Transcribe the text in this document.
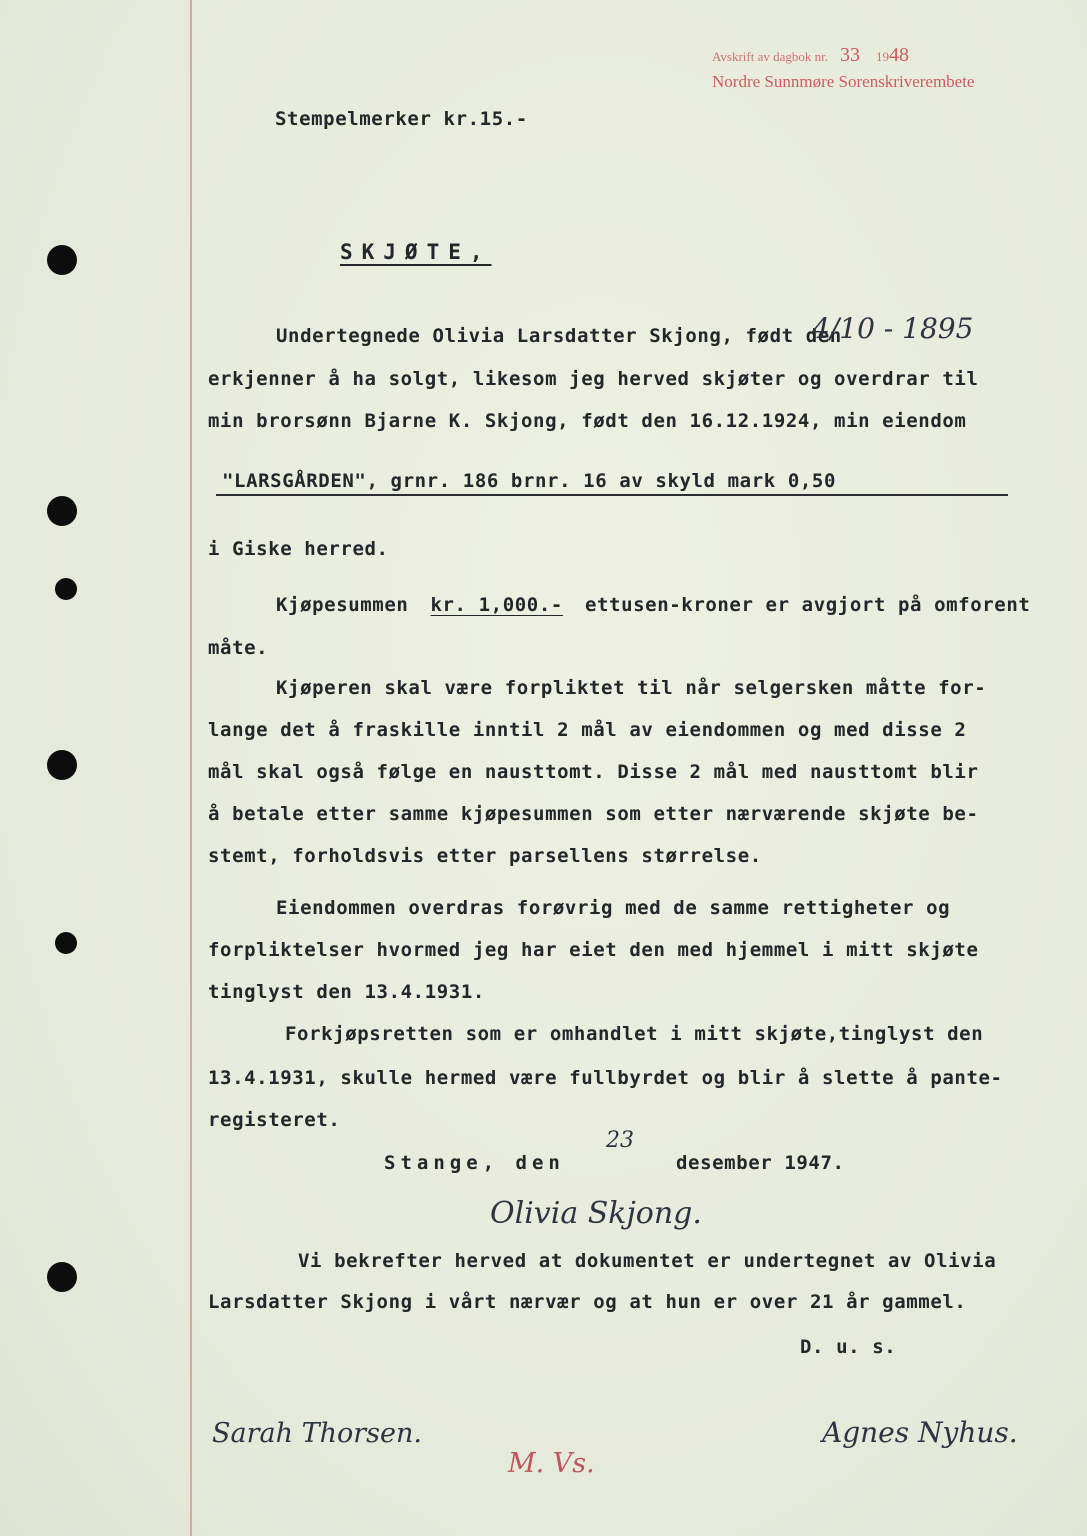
Avskrift av dagbok nr. 33 1948
Nordre Sunnmøre Sorenskriverembete
Stempelmerker kr.15.-
SKJØTE,
Undertegnede Olivia Larsdatter Skjong, født den
4/10 - 1895
erkjenner å ha solgt, likesom jeg herved skjøter og overdrar til
min brorsønn Bjarne K. Skjong, født den 16.12.1924, min eiendom
"LARSGÅRDEN", grnr. 186 brnr. 16 av skyld mark 0,50
i Giske herred.
Kjøpesummen kr. 1,000.- ettusen-kroner er avgjort på omforent
måte.
Kjøperen skal være forpliktet til når selgersken måtte for-
lange det å fraskille inntil 2 mål av eiendommen og med disse 2
mål skal også følge en nausttomt. Disse 2 mål med nausttomt blir
å betale etter samme kjøpesummen som etter nærværende skjøte be-
stemt, forholdsvis etter parsellens størrelse.
Eiendommen overdras forøvrig med de samme rettigheter og
forpliktelser hvormed jeg har eiet den med hjemmel i mitt skjøte
tinglyst den 13.4.1931.
Forkjøpsretten som er omhandlet i mitt skjøte,tinglyst den
13.4.1931, skulle hermed være fullbyrdet og blir å slette å pante-
registeret.
Stange, den
23
desember 1947.
Olivia Skjong.
Vi bekrefter herved at dokumentet er undertegnet av Olivia
Larsdatter Skjong i vårt nærvær og at hun er over 21 år gammel.
D. u. s.
Sarah Thorsen.
M. Vs.
Agnes Nyhus.
